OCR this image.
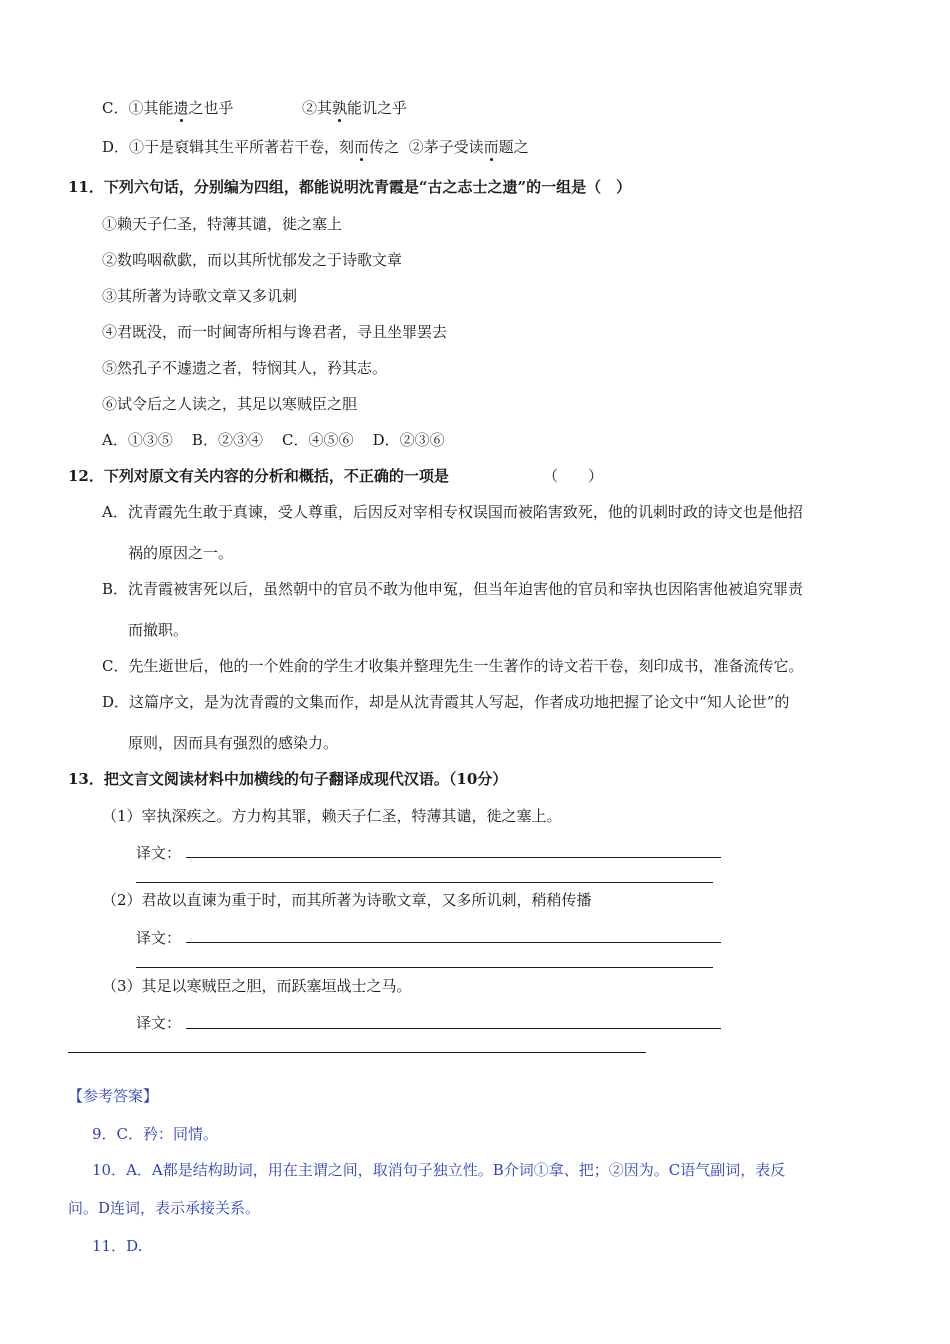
C．①其能遗之也乎	②其孰能讥之乎
D．①于是裒辑其生平所著若干卷，刻而传之 ②茅子受读而题之
11．下列六句话，分别编为四组，都能说明沈青霞是“古之志士之遗”的一组是（　）
①赖天子仁圣，特薄其谴，徙之塞上
②数呜咽欷歔，而以其所忧郁发之于诗歌文章
③其所著为诗歌文章又多讥刺
④君既没，而一时阃寄所相与谗君者，寻且坐罪罢去
⑤然孔子不遽遗之者，特悯其人，矜其志。
⑥试令后之人读之，其足以寒贼臣之胆
A．①③⑤ B．②③④ C．④⑤⑥ D．②③⑥
12．下列对原文有关内容的分析和概括，不正确的一项是	（　　）
A．沈青霞先生敢于真谏，受人尊重，后因反对宰相专权误国而被陷害致死，他的讥刺时政的诗文也是他招
祸的原因之一。
B．沈青霞被害死以后，虽然朝中的官员不敢为他申冤，但当年迫害他的官员和宰执也因陷害他被追究罪责
而撤职。
C．先生逝世后，他的一个姓俞的学生才收集并整理先生一生著作的诗文若干卷，刻印成书，准备流传它。
D．这篇序文，是为沈青霞的文集而作，却是从沈青霞其人写起，作者成功地把握了论文中“知人论世”的
原则，因而具有强烈的感染力。
13．把文言文阅读材料中加横线的句子翻译成现代汉语。（10分）
（1）宰执深疾之。方力构其罪，赖天子仁圣，特薄其谴，徙之塞上。
译文：
（2）君故以直谏为重于时，而其所著为诗歌文章，又多所讥刺，稍稍传播
译文：
（3）其足以寒贼臣之胆，而跃塞垣战士之马。
译文：
【参考答案】
9．C．矜：同情。
10．A．A都是结构助词，用在主谓之间，取消句子独立性。B介词①拿、把；②因为。C语气副词，表反
问。D连词，表示承接关系。
11．D.
